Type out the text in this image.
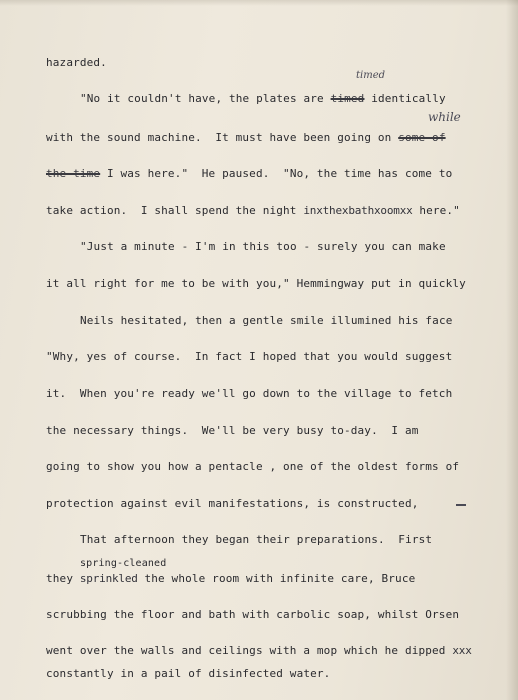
hazarded.
timed
"No it couldn't have, the plates are timed identically
while
with the sound machine.  It must have been going on some of
the time I was here."  He paused.  "No, the time has come to
take action.  I shall spend the night inxthexbathxoomxx here."
"Just a minute - I'm in this too - surely you can make
it all right for me to be with you," Hemmingway put in quickly
Neils hesitated, then a gentle smile illumined his face
"Why, yes of course.  In fact I hoped that you would suggest
it.  When you're ready we'll go down to the village to fetch
the necessary things.  We'll be very busy to-day.  I am
going to show you how a pentacle , one of the oldest forms of
protection against evil manifestations, is constructed,
That afternoon they began their preparations.  First
spring-cleaned
they sprinkled the whole room with infinite care, Bruce
scrubbing the floor and bath with carbolic soap, whilst Orsen
went over the walls and ceilings with a mop which he dipped xxx
constantly in a pail of disinfected water.
